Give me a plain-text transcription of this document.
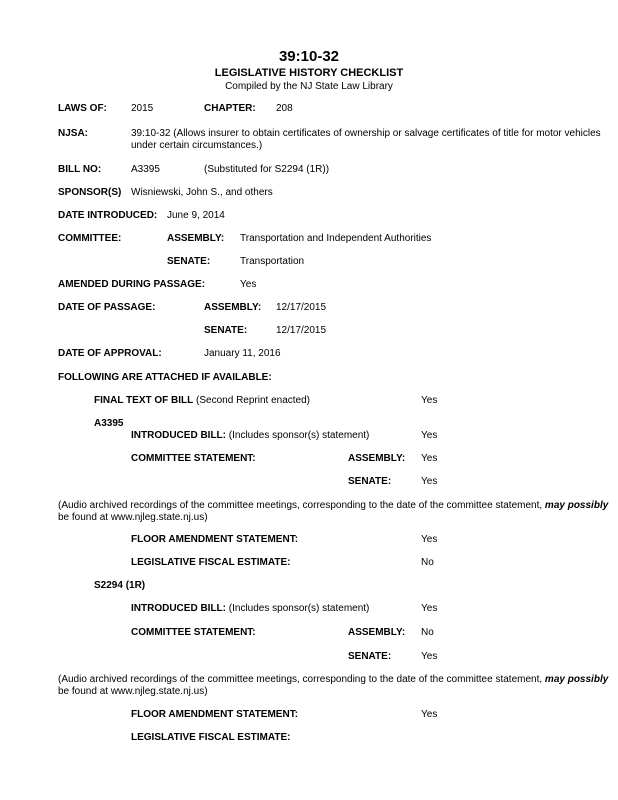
39:10-32
LEGISLATIVE HISTORY CHECKLIST
Compiled by the NJ State Law Library
LAWS OF: 2015	CHAPTER: 208
NJSA:	39:10-32 (Allows insurer to obtain certificates of ownership or salvage certificates of title for motor vehicles
under certain circumstances.)
BILL NO:	A3395	(Substituted for S2294 (1R))
SPONSOR(S) Wisniewski, John S., and others
DATE INTRODUCED: June 9, 2014
COMMITTEE:	ASSEMBLY: Transportation and Independent Authorities
SENATE:	Transportation
AMENDED DURING PASSAGE:	Yes
DATE OF PASSAGE:	ASSEMBLY: 12/17/2015
SENATE:	12/17/2015
DATE OF APPROVAL:	January 11, 2016
FOLLOWING ARE ATTACHED IF AVAILABLE:
FINAL TEXT OF BILL (Second Reprint enacted)	Yes
A3395
INTRODUCED BILL: (Includes sponsor(s) statement)	Yes
COMMITTEE STATEMENT:	ASSEMBLY: Yes
SENATE:	Yes
(Audio archived recordings of the committee meetings, corresponding to the date of the committee statement, may possibly
be found at www.njleg.state.nj.us)
FLOOR AMENDMENT STATEMENT:	Yes
LEGISLATIVE FISCAL ESTIMATE:	No
S2294 (1R)
INTRODUCED BILL: (Includes sponsor(s) statement)	Yes
COMMITTEE STATEMENT:	ASSEMBLY: No
SENATE:	Yes
(Audio archived recordings of the committee meetings, corresponding to the date of the committee statement, may possibly
be found at www.njleg.state.nj.us)
FLOOR AMENDMENT STATEMENT:	Yes
LEGISLATIVE FISCAL ESTIMATE:
